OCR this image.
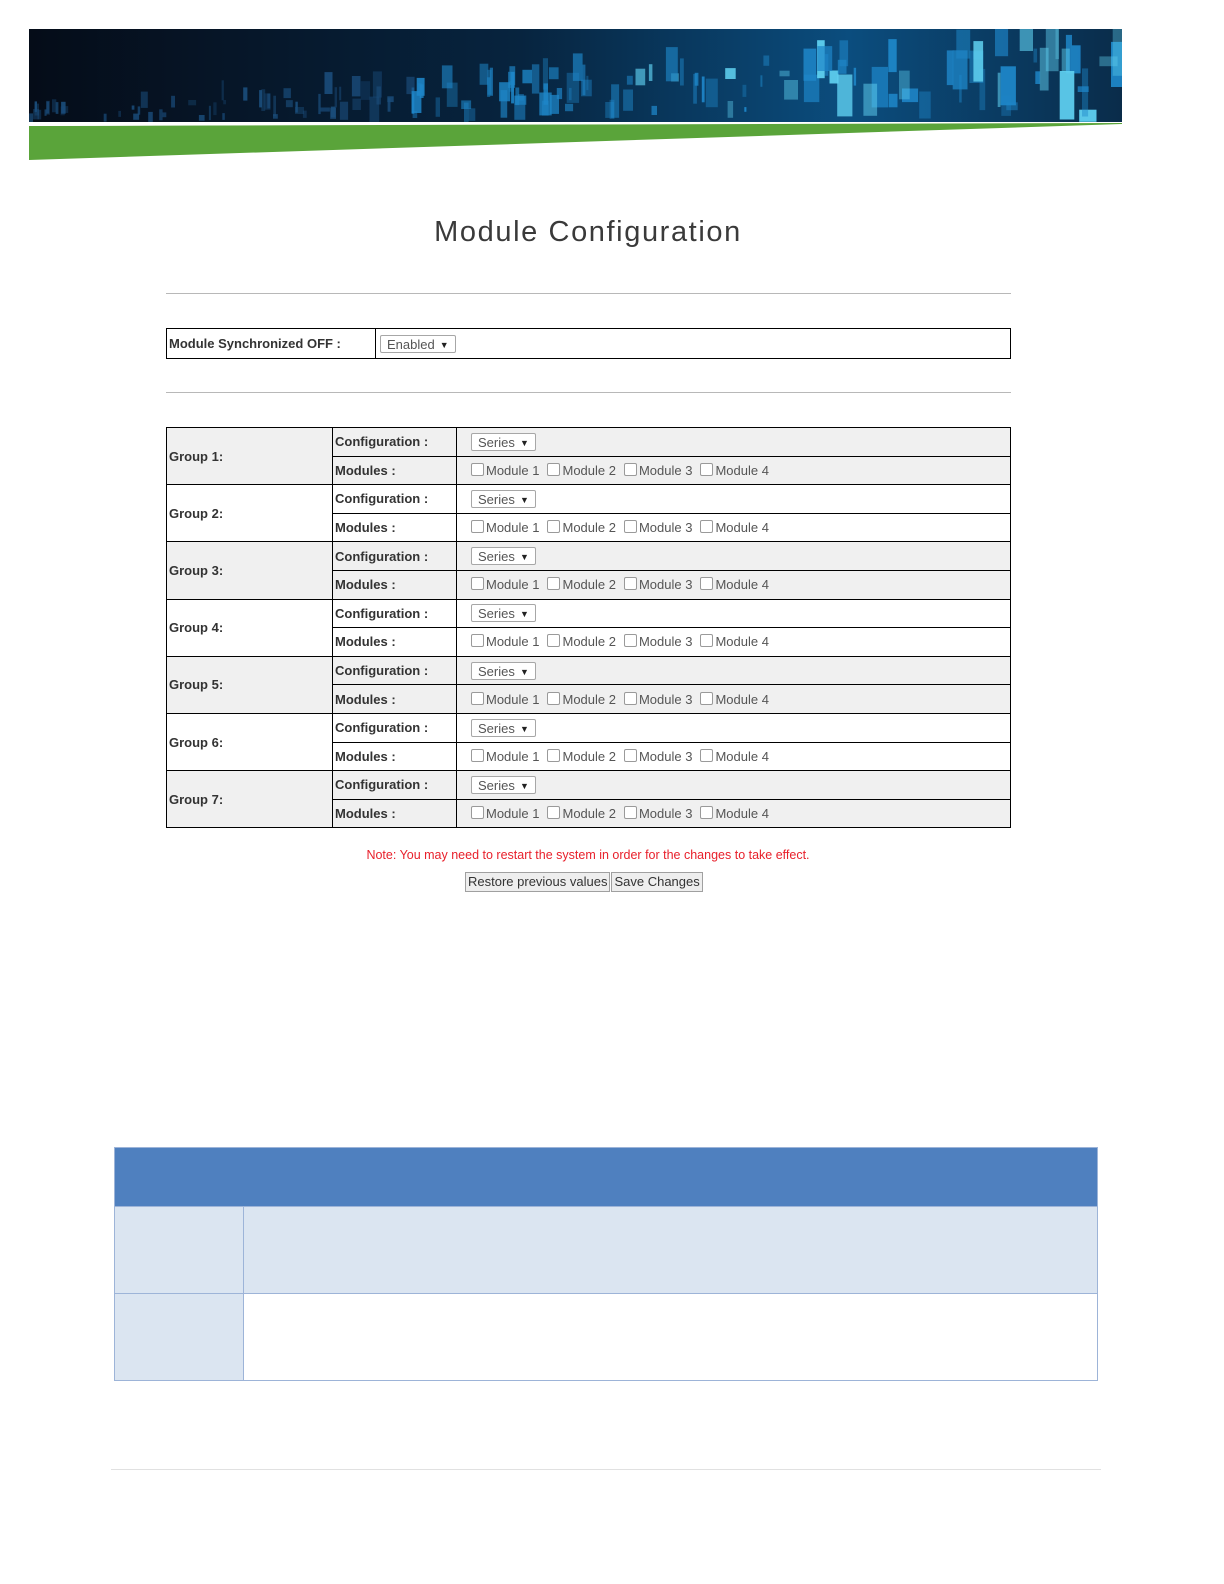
Module Configuration
Module Synchronized OFF :	Enabled ▼
Group 1:	Configuration :	Series ▼

	Modules :	Module 1 Module 2 Module 3 Module 4
Group 2:	Configuration :	Series ▼

	Modules :	Module 1 Module 2 Module 3 Module 4
Group 3:	Configuration :	Series ▼

	Modules :	Module 1 Module 2 Module 3 Module 4
Group 4:	Configuration :	Series ▼

	Modules :	Module 1 Module 2 Module 3 Module 4
Group 5:	Configuration :	Series ▼

	Modules :	Module 1 Module 2 Module 3 Module 4
Group 6:	Configuration :	Series ▼

	Modules :	Module 1 Module 2 Module 3 Module 4
Group 7:	Configuration :	Series ▼

	Modules :	Module 1 Module 2 Module 3 Module 4
Note: You may need to restart the system in order for the changes to take effect.
Restore previous values Save Changes
